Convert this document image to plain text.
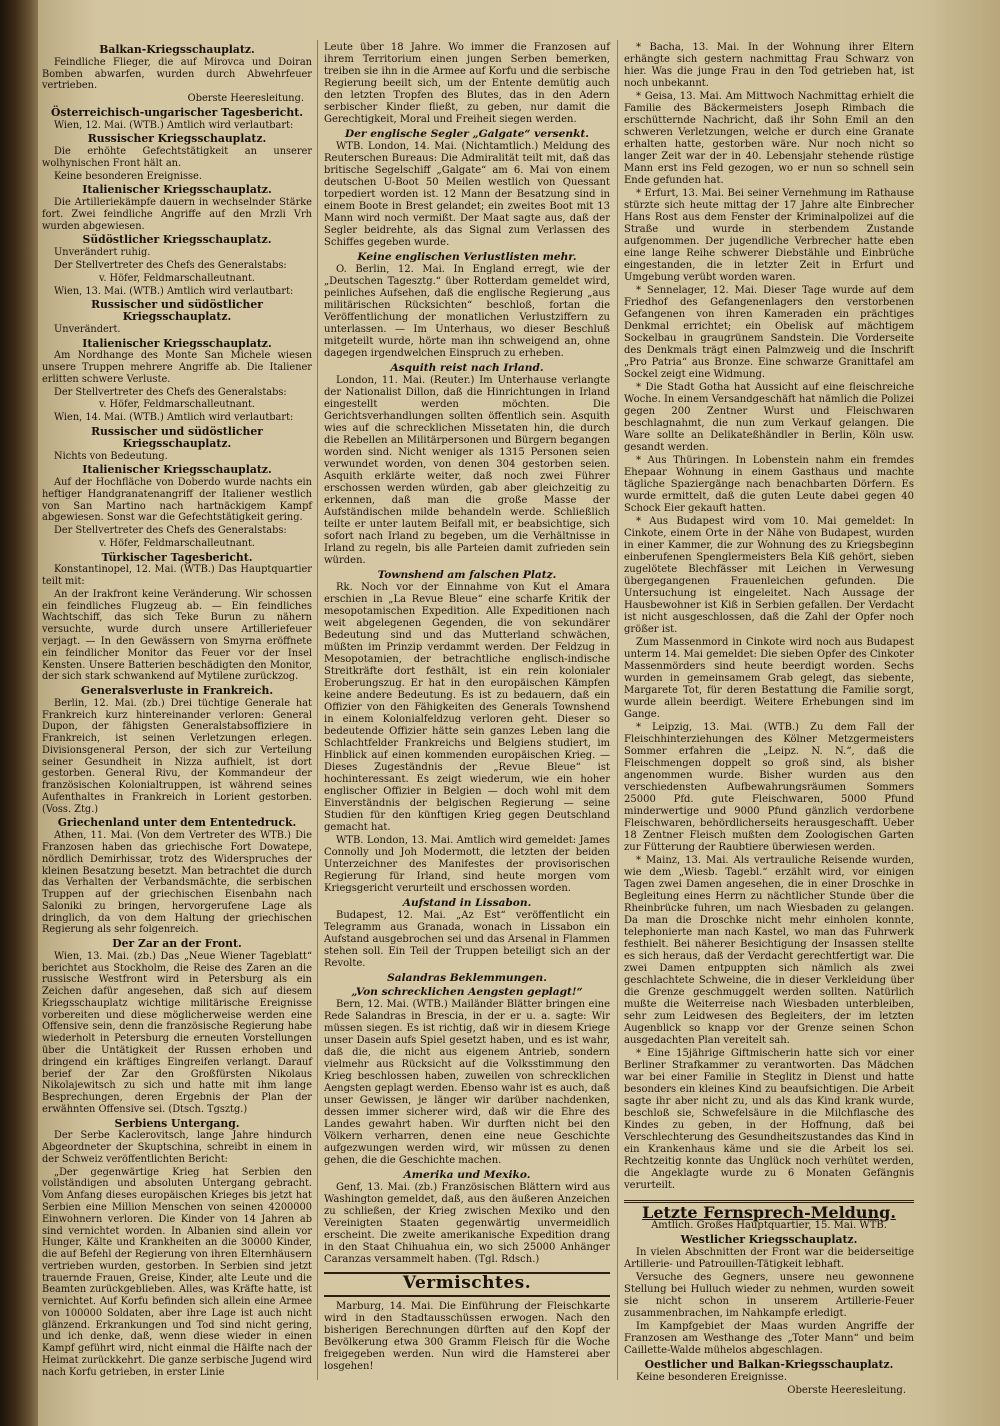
Balkan-Kriegsschauplatz.

Feindliche Flieger, die auf Mirovca und Doiran Bomben abwarfen, wurden durch Abwehrfeuer vertrieben.

Oberste Heeresleitung.

Österreichisch-ungarischer Tagesbericht.

Wien, 12. Mai. (WTB.) Amtlich wird verlautbart:

Russischer Kriegsschauplatz.

Die erhöhte Gefechtstätigkeit an unserer wolhynischen Front hält an.

Keine besonderen Ereignisse.

Italienischer Kriegsschauplatz.

Die Artilleriekämpfe dauern in wechselnder Stärke fort. Zwei feindliche Angriffe auf den Mrzli Vrh wurden abgewiesen.

Südöstlicher Kriegsschauplatz.

Unverändert ruhig.

Der Stellvertreter des Chefs des Generalstabs:

v. Höfer, Feldmarschalleutnant.

Wien, 13. Mai. (WTB.) Amtlich wird verlautbart:

Russischer und südöstlicher Kriegsschauplatz.

Unverändert.

Italienischer Kriegsschauplatz.

Am Nordhange des Monte San Michele wiesen unsere Truppen mehrere Angriffe ab. Die Italiener erlitten schwere Verluste.

Der Stellvertreter des Chefs des Generalstabs:

v. Höfer, Feldmarschalleutnant.

Wien, 14. Mai. (WTB.) Amtlich wird verlautbart:

Russischer und südöstlicher Kriegsschauplatz.

Nichts von Bedeutung.

Italienischer Kriegsschauplatz.

Auf der Hochfläche von Doberdo wurde nachts ein heftiger Handgranatenangriff der Italiener westlich von San Martino nach hartnäckigem Kampf abgewiesen. Sonst war die Gefechtstätigkeit gering.

Der Stellvertreter des Chefs des Generalstabs:

v. Höfer, Feldmarschalleutnant.

Türkischer Tagesbericht.

Konstantinopel, 12. Mai. (WTB.) Das Hauptquartier teilt mit:

An der Irakfront keine Veränderung. Wir schossen ein feindliches Flugzeug ab. — Ein feindliches Wachtschiff, das sich Teke Burun zu nähern versuchte, wurde durch unsere Artilleriefeuer verjagt. — In den Gewässern von Smyrna eröffnete ein feindlicher Monitor das Feuer vor der Insel Kensten. Unsere Batterien beschädigten den Monitor, der sich stark schwankend auf Mytilene zurückzog.

Generalsverluste in Frankreich.

Berlin, 12. Mai. (zb.) Drei tüchtige Generale hat Frankreich kurz hintereinander verloren: General Dupon, der fähigsten Generalstabsoffiziere in Frankreich, ist seinen Verletzungen erlegen. Divisionsgeneral Person, der sich zur Verteilung seiner Gesundheit in Nizza aufhielt, ist dort gestorben. General Rivu, der Kommandeur der französischen Kolonialtruppen, ist während seines Aufenthaltes in Frankreich in Lorient gestorben. (Voss. Ztg.)

Griechenland unter dem Ententedruck.

Athen, 11. Mai. (Von dem Vertreter des WTB.) Die Franzosen haben das griechische Fort Dowatepe, nördlich Demirhissar, trotz des Widerspruches der kleinen Besatzung besetzt. Man betrachtet die durch das Verhalten der Verbandsmächte, die serbischen Truppen auf der griechischen Eisenbahn nach Saloniki zu bringen, hervorgerufene Lage als dringlich, da von dem Haltung der griechischen Regierung als sehr folgenreich.

Der Zar an der Front.

Wien, 13. Mai. (zb.) Das „Neue Wiener Tageblatt“ berichtet aus Stockholm, die Reise des Zaren an die russische Westfront wird in Petersburg als ein Zeichen dafür angesehen, daß sich auf diesem Kriegsschauplatz wichtige militärische Ereignisse vorbereiten und diese möglicherweise werden eine Offensive sein, denn die französische Regierung habe wiederholt in Petersburg die erneuten Vorstellungen über die Untätigkeit der Russen erhoben und dringend ein kräftiges Eingreifen verlangt. Darauf berief der Zar den Großfürsten Nikolaus Nikolajewitsch zu sich und hatte mit ihm lange Besprechungen, deren Ergebnis der Plan der erwähnten Offensive sei. (Dtsch. Tgsztg.)

Serbiens Untergang.

Der Serbe Kaclerovitsch, lange Jahre hindurch Abgeordneter der Skuptschina, schreibt in einem in der Schweiz veröffentlichten Bericht:

„Der gegenwärtige Krieg hat Serbien den vollständigen und absoluten Untergang gebracht. Vom Anfang dieses europäischen Krieges bis jetzt hat Serbien eine Million Menschen von seinen 4200000 Einwohnern verloren. Die Kinder von 14 Jahren ab sind vernichtet worden. In Albanien sind allein vor Hunger, Kälte und Krankheiten an die 30000 Kinder, die auf Befehl der Regierung von ihren Elternhäusern vertrieben wurden, gestorben. In Serbien sind jetzt trauernde Frauen, Greise, Kinder, alte Leute und die Beamten zurückgeblieben. Alles, was Kräfte hatte, ist vernichtet. Auf Korfu befinden sich allein eine Armee von 100000 Soldaten, aber ihre Lage ist auch nicht glänzend. Erkrankungen und Tod sind nicht gering, und ich denke, daß, wenn diese wieder in einen Kampf geführt wird, nicht einmal die Hälfte nach der Heimat zurückkehrt. Die ganze serbische Jugend wird nach Korfu getrieben, in erster Linie

Leute über 18 Jahre. Wo immer die Franzosen auf ihrem Territorium einen jungen Serben bemerken, treiben sie ihn in die Armee auf Korfu und die serbische Regierung beeilt sich, um der Entente demütig auch den letzten Tropfen des Blutes, das in den Adern serbischer Kinder fließt, zu geben, nur damit die Gerechtigkeit, Moral und Freiheit siegen werden.

Der englische Segler „Galgate“ versenkt.

WTB. London, 14. Mai. (Nichtamtlich.) Meldung des Reuterschen Bureaus: Die Admiralität teilt mit, daß das britische Segelschiff „Galgate“ am 6. Mai von einem deutschen U-Boot 50 Meilen westlich von Quessant torpediert worden ist. 12 Mann der Besatzung sind in einem Boote in Brest gelandet; ein zweites Boot mit 13 Mann wird noch vermißt. Der Maat sagte aus, daß der Segler beidrehte, als das Signal zum Verlassen des Schiffes gegeben wurde.

Keine englischen Verlustlisten mehr.

O. Berlin, 12. Mai. In England erregt, wie der „Deutschen Tagesztg.“ über Rotterdam gemeldet wird, peinliches Aufsehen, daß die englische Regierung „aus militärischen Rücksichten“ beschloß, fortan die Veröffentlichung der monatlichen Verlustziffern zu unterlassen. — Im Unterhaus, wo dieser Beschluß mitgeteilt wurde, hörte man ihn schweigend an, ohne dagegen irgendwelchen Einspruch zu erheben.

Asquith reist nach Irland.

London, 11. Mai. (Reuter.) Im Unterhause verlangte der Nationalist Dillon, daß die Hinrichtungen in Irland eingestellt werden möchten. Die Gerichtsverhandlungen sollten öffentlich sein. Asquith wies auf die schrecklichen Missetaten hin, die durch die Rebellen an Militärpersonen und Bürgern begangen worden sind. Nicht weniger als 1315 Personen seien verwundet worden, von denen 304 gestorben seien. Asquith erklärte weiter, daß noch zwei Führer erschossen werden würden, gab aber gleichzeitig zu erkennen, daß man die große Masse der Aufständischen milde behandeln werde. Schließlich teilte er unter lautem Beifall mit, er beabsichtige, sich sofort nach Irland zu begeben, um die Verhältnisse in Irland zu regeln, bis alle Parteien damit zufrieden sein würden.

Townshend am falschen Platz.

Rk. Noch vor der Einnahme von Kut el Amara erschien in „La Revue Bleue“ eine scharfe Kritik der mesopotamischen Expedition. Alle Expeditionen nach weit abgelegenen Gegenden, die von sekundärer Bedeutung sind und das Mutterland schwächen, müßten im Prinzip verdammt werden. Der Feldzug in Mesopotamien, der betrachtliche englisch-indische Streitkräfte dort festhält, ist ein rein kolonialer Eroberungszug. Er hat in den europäischen Kämpfen keine andere Bedeutung. Es ist zu bedauern, daß ein Offizier von den Fähigkeiten des Generals Townshend in einem Kolonialfeldzug verloren geht. Dieser so bedeutende Offizier hätte sein ganzes Leben lang die Schlachtfelder Frankreichs und Belgiens studiert, im Hinblick auf einen kommenden europäischen Krieg. — Dieses Zugeständnis der „Revue Bleue“ ist hochinteressant. Es zeigt wiederum, wie ein hoher englischer Offizier in Belgien — doch wohl mit dem Einverständnis der belgischen Regierung — seine Studien für den künftigen Krieg gegen Deutschland gemacht hat.

WTB. London, 13. Mai. Amtlich wird gemeldet: James Connolly und Joh Modermott, die letzten der beiden Unterzeichner des Manifestes der provisorischen Regierung für Irland, sind heute morgen vom Kriegsgericht verurteilt und erschossen worden.

Aufstand in Lissabon.

Budapest, 12. Mai. „Az Est“ veröffentlicht ein Telegramm aus Granada, wonach in Lissabon ein Aufstand ausgebrochen sei und das Arsenal in Flammen stehen soll. Ein Teil der Truppen beteiligt sich an der Revolte.

Salandras Beklemmungen.

„Von schrecklichen Aengsten geplagt!“

Bern, 12. Mai. (WTB.) Mailänder Blätter bringen eine Rede Salandras in Brescia, in der er u. a. sagte: Wir müssen siegen. Es ist richtig, daß wir in diesem Kriege unser Dasein aufs Spiel gesetzt haben, und es ist wahr, daß die, die nicht aus eigenem Antrieb, sondern vielmehr aus Rücksicht auf die Volksstimmung den Krieg beschlossen haben, zuweilen von schrecklichen Aengsten geplagt werden. Ebenso wahr ist es auch, daß unser Gewissen, je länger wir darüber nachdenken, dessen immer sicherer wird, daß wir die Ehre des Landes gewahrt haben. Wir durften nicht bei den Völkern verharren, denen eine neue Geschichte aufgezwungen werden wird, wir müssen zu denen gehen, die die Geschichte machen.

Amerika und Mexiko.

Genf, 13. Mai. (zb.) Französischen Blättern wird aus Washington gemeldet, daß, aus den äußeren Anzeichen zu schließen, der Krieg zwischen Mexiko und den Vereinigten Staaten gegenwärtig unvermeidlich erscheint. Die zweite amerikanische Expedition drang in den Staat Chihuahua ein, wo sich 25000 Anhänger Caranzas versammelt haben. (Tgl. Rdsch.)

Vermischtes.

Marburg, 14. Mai. Die Einführung der Fleischkarte wird in den Stadtausschüssen erwogen. Nach den bisherigen Berechnungen dürften auf den Kopf der Bevölkerung etwa 300 Gramm Fleisch für die Woche freigegeben werden. Nun wird die Hamsterei aber losgehen!

* Bacha, 13. Mai. In der Wohnung ihrer Eltern erhängte sich gestern nachmittag Frau Schwarz von hier. Was die junge Frau in den Tod getrieben hat, ist noch unbekannt.

* Geisa, 13. Mai. Am Mittwoch Nachmittag erhielt die Familie des Bäckermeisters Joseph Rimbach die erschütternde Nachricht, daß ihr Sohn Emil an den schweren Verletzungen, welche er durch eine Granate erhalten hatte, gestorben wäre. Nur noch nicht so langer Zeit war der in 40. Lebensjahr stehende rüstige Mann erst ins Feld gezogen, wo er nun so schnell sein Ende gefunden hat.

* Erfurt, 13. Mai. Bei seiner Vernehmung im Rathause stürzte sich heute mittag der 17 Jahre alte Einbrecher Hans Rost aus dem Fenster der Kriminalpolizei auf die Straße und wurde in sterbendem Zustande aufgenommen. Der jugendliche Verbrecher hatte eben eine lange Reihe schwerer Diebstähle und Einbrüche eingestanden, die in letzter Zeit in Erfurt und Umgebung verübt worden waren.

* Sennelager, 12. Mai. Dieser Tage wurde auf dem Friedhof des Gefangenenlagers den verstorbenen Gefangenen von ihren Kameraden ein prächtiges Denkmal errichtet; ein Obelisk auf mächtigem Sockelbau in graugrünem Sandstein. Die Vorderseite des Denkmals trägt einen Palmzweig und die Inschrift „Pro Patria“ aus Bronze. Eine schwarze Granittafel am Sockel zeigt eine Widmung.

* Die Stadt Gotha hat Aussicht auf eine fleischreiche Woche. In einem Versandgeschäft hat nämlich die Polizei gegen 200 Zentner Wurst und Fleischwaren beschlagnahmt, die nun zum Verkauf gelangen. Die Ware sollte an Delikateßhändler in Berlin, Köln usw. gesandt werden.

* Aus Thüringen. In Lobenstein nahm ein fremdes Ehepaar Wohnung in einem Gasthaus und machte tägliche Spaziergänge nach benachbarten Dörfern. Es wurde ermittelt, daß die guten Leute dabei gegen 40 Schock Eier gekauft hatten.

* Aus Budapest wird vom 10. Mai gemeldet: In Cinkote, einem Orte in der Nähe von Budapest, wurden in einer Kammer, die zur Wohnung des zu Kriegsbeginn einberufenen Spenglermeisters Bela Kiß gehört, sieben zugelötete Blechfässer mit Leichen in Verwesung übergegangenen Frauenleichen gefunden. Die Untersuchung ist eingeleitet. Nach Aussage der Hausbewohner ist Kiß in Serbien gefallen. Der Verdacht ist nicht ausgeschlossen, daß die Zahl der Opfer noch größer ist.

Zum Massenmord in Cinkote wird noch aus Budapest unterm 14. Mai gemeldet: Die sieben Opfer des Cinkoter Massenmörders sind heute beerdigt worden. Sechs wurden in gemeinsamem Grab gelegt, das siebente, Margarete Tot, für deren Bestattung die Familie sorgt, wurde allein beerdigt. Weitere Erhebungen sind im Gange.

* Leipzig, 13. Mai. (WTB.) Zu dem Fall der Fleischhinterziehungen des Kölner Metzgermeisters Sommer erfahren die „Leipz. N. N.“, daß die Fleischmengen doppelt so groß sind, als bisher angenommen wurde. Bisher wurden aus den verschiedensten Aufbewahrungsräumen Sommers 25000 Pfd. gute Fleischwaren, 5000 Pfund minderwertige und 9000 Pfund gänzlich verdorbene Fleischwaren, behördlicherseits herausgeschafft. Ueber 18 Zentner Fleisch mußten dem Zoologischen Garten zur Fütterung der Raubtiere überwiesen werden.

* Mainz, 13. Mai. Als vertrauliche Reisende wurden, wie dem „Wiesb. Tagebl.“ erzählt wird, vor einigen Tagen zwei Damen angesehen, die in einer Droschke in Begleitung eines Herrn zu nächtlicher Stunde über die Rheinbrücke fuhren, um nach Wiesbaden zu gelangen. Da man die Droschke nicht mehr einholen konnte, telephonierte man nach Kastel, wo man das Fuhrwerk festhielt. Bei näherer Besichtigung der Insassen stellte es sich heraus, daß der Verdacht gerechtfertigt war. Die zwei Damen entpuppten sich nämlich als zwei geschlachtete Schweine, die in dieser Verkleidung über die Grenze geschmuggelt werden sollten. Natürlich mußte die Weiterreise nach Wiesbaden unterbleiben, sehr zum Leidwesen des Begleiters, der im letzten Augenblick so knapp vor der Grenze seinen Schon ausgedachten Plan vereitelt sah.

* Eine 15jährige Giftmischerin hatte sich vor einer Berliner Strafkammer zu verantworten. Das Mädchen war bei einer Familie in Steglitz in Dienst und hatte besonders ein kleines Kind zu beaufsichtigen. Die Arbeit sagte ihr aber nicht zu, und als das Kind krank wurde, beschloß sie, Schwefelsäure in die Milchflasche des Kindes zu geben, in der Hoffnung, daß bei Verschlechterung des Gesundheitszustandes das Kind in ein Krankenhaus käme und sie die Arbeit los sei. Rechtzeitig konnte das Unglück noch verhütet werden, die Angeklagte wurde zu 6 Monaten Gefängnis verurteilt.

Letzte Fernsprech-Meldung.

Amtlich. Großes Hauptquartier, 15. Mai. WTB.

Westlicher Kriegsschauplatz.

In vielen Abschnitten der Front war die beiderseitige Artillerie- und Patrouillen-Tätigkeit lebhaft.

Versuche des Gegners, unsere neu gewonnene Stellung bei Hulluch wieder zu nehmen, wurden soweit sie nicht schon in unserem Artillerie-Feuer zusammenbrachen, im Nahkampfe erledigt.

Im Kampfgebiet der Maas wurden Angriffe der Franzosen am Westhange des „Toter Mann“ und beim Caillette-Walde mühelos abgeschlagen.

Oestlicher und Balkan-Kriegsschauplatz.

Keine besonderen Ereignisse.

Oberste Heeresleitung.
